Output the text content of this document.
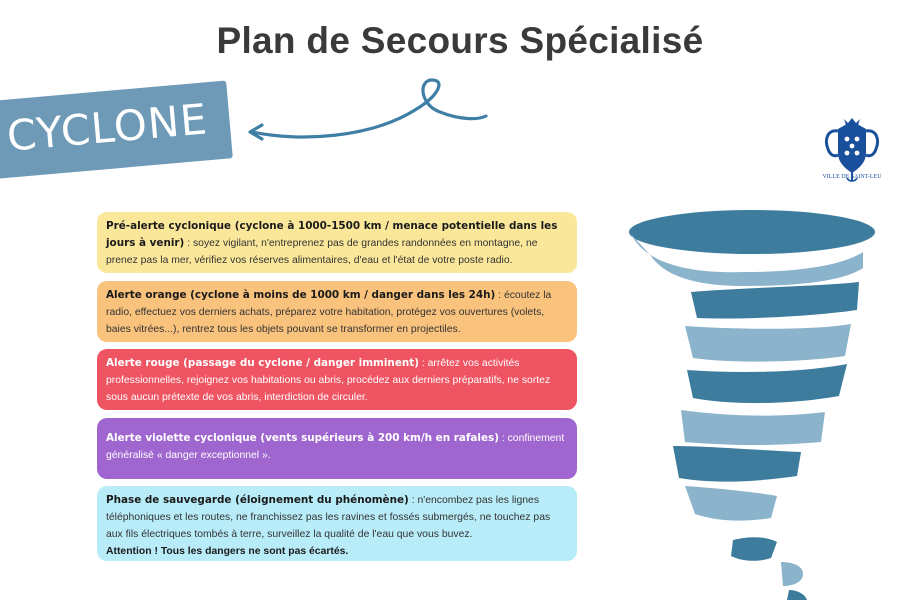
Plan de Secours Spécialisé
CYCLONE
VILLE DE SAINT-LEU
Pré-alerte cyclonique (cyclone à 1000-1500 km / menace potentielle dans les jours à venir) : soyez vigilant, n'entreprenez pas de grandes randonnées en montagne, ne prenez pas la mer, vérifiez vos réserves alimentaires, d'eau et l'état de votre poste radio.
Alerte orange (cyclone à moins de 1000 km / danger dans les 24h) : écoutez la radio, effectuez vos derniers achats, préparez votre habitation, protégez vos ouvertures (volets, baies vitrées...), rentrez tous les objets pouvant se transformer en projectiles.
Alerte rouge (passage du cyclone / danger imminent) : arrêtez vos activités professionnelles, rejoignez vos habitations ou abris, procédez aux derniers préparatifs, ne sortez sous aucun prétexte de vos abris, interdiction de circuler.
Alerte violette cyclonique (vents supérieurs à 200 km/h en rafales) : confinement généralisé « danger exceptionnel ».
Phase de sauvegarde (éloignement du phénomène) : n'encombez pas les lignes téléphoniques et les routes, ne franchissez pas les ravines et fossés submergés, ne touchez pas aux fils électriques tombés à terre, surveillez la qualité de l'eau que vous buvez.
Attention ! Tous les dangers ne sont pas écartés.
